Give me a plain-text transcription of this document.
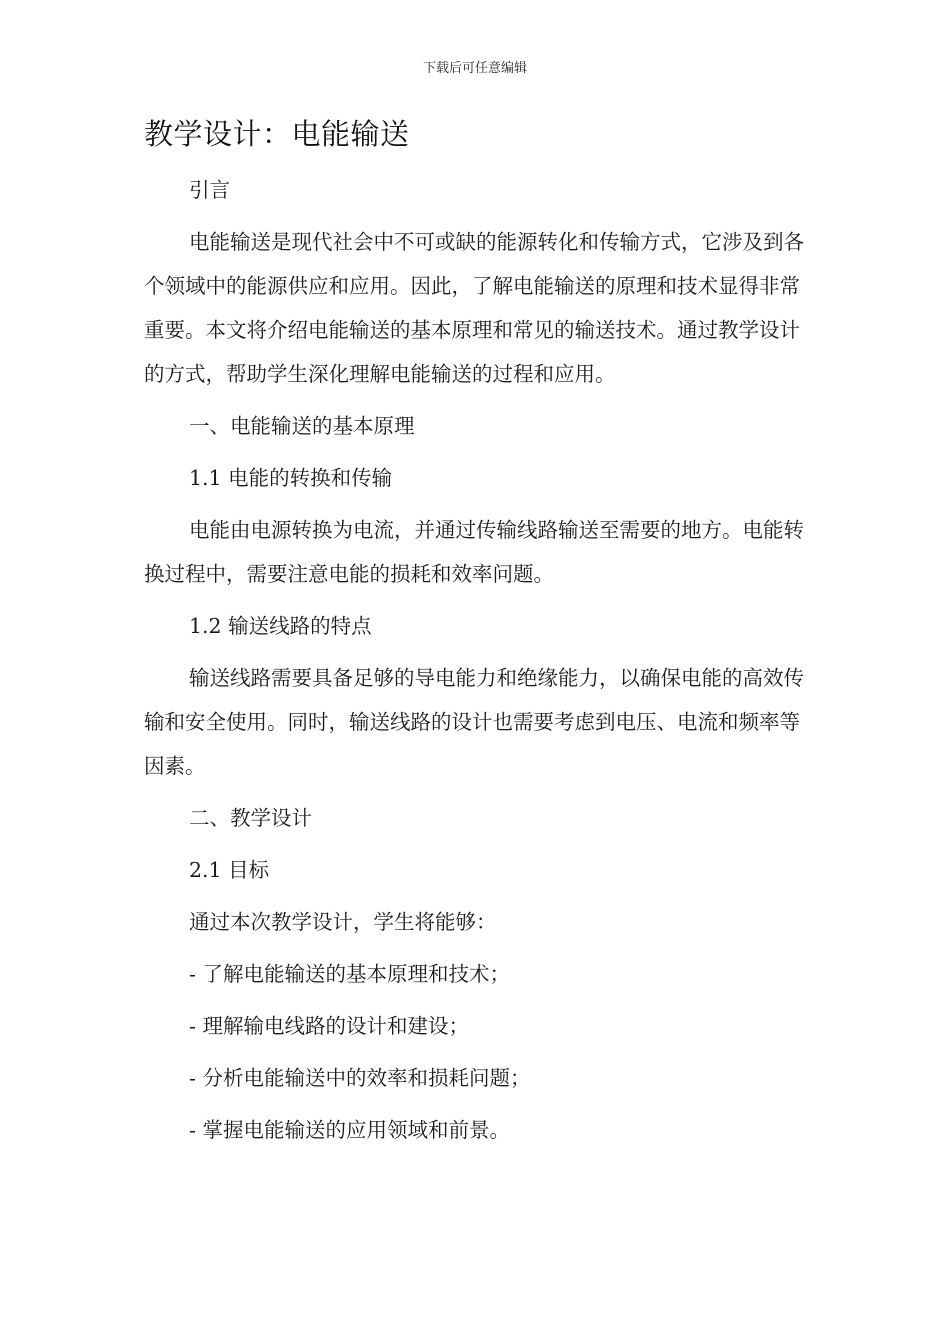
下载后可任意编辑
教学设计：电能输送

引言

电能输送是现代社会中不可或缺的能源转化和传输方式，它涉及到各个领域中的能源供应和应用。因此，了解电能输送的原理和技术显得非常重要。本文将介绍电能输送的基本原理和常见的输送技术。通过教学设计的方式，帮助学生深化理解电能输送的过程和应用。

一、电能输送的基本原理

1.1 电能的转换和传输

电能由电源转换为电流，并通过传输线路输送至需要的地方。电能转换过程中，需要注意电能的损耗和效率问题。

1.2 输送线路的特点

输送线路需要具备足够的导电能力和绝缘能力，以确保电能的高效传输和安全使用。同时，输送线路的设计也需要考虑到电压、电流和频率等因素。

二、教学设计

2.1 目标

通过本次教学设计，学生将能够：

- 了解电能输送的基本原理和技术；

- 理解输电线路的设计和建设；

- 分析电能输送中的效率和损耗问题；

- 掌握电能输送的应用领域和前景。
